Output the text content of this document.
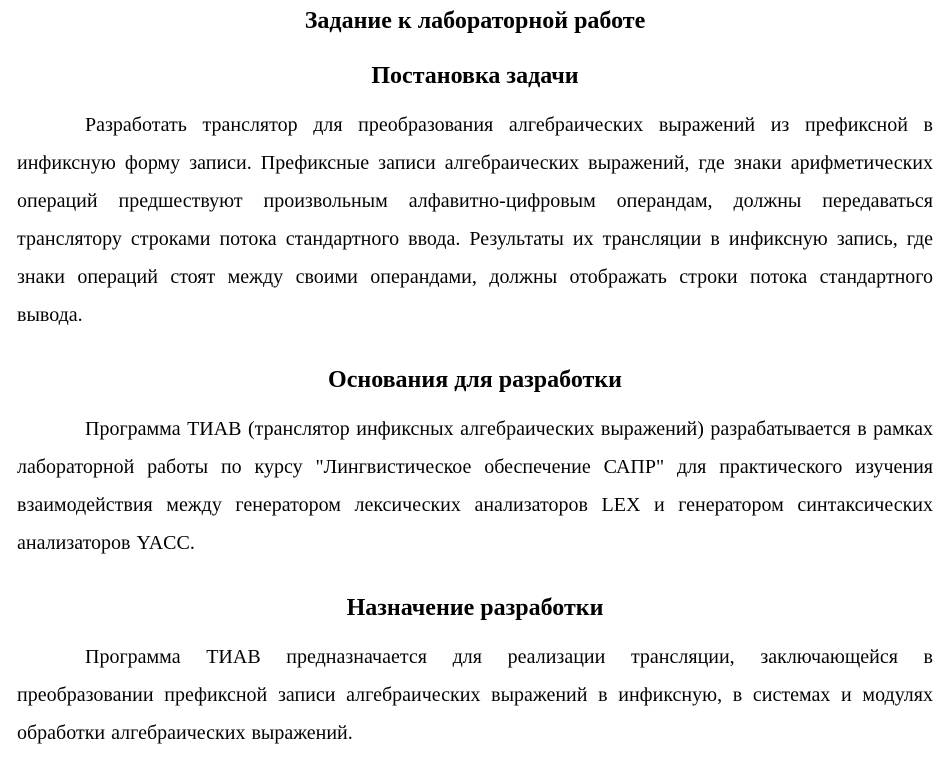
Задание к лабораторной работе
Постановка задачи

Разработать транслятор для преобразования алгебраических выражений из префиксной в инфиксную форму записи. Префиксные записи алгебраических выражений, где знаки арифметических операций предшествуют произвольным алфавитно-цифровым операндам, должны передаваться транслятору строками потока стандартного ввода. Результаты их трансляции в инфиксную запись, где знаки операций стоят между своими операндами, должны отображать строки потока стандартного вывода.

Основания для разработки

Программа ТИАВ (транслятор инфиксных алгебраических выражений) разрабатывается в рамках лабораторной работы по курсу "Лингвистическое обеспечение САПР" для практического изучения взаимодействия между генератором лексических анализаторов LEX и генератором синтаксических анализаторов YACC.

Назначение разработки

Программа ТИАВ предназначается для реализации трансляции, заключающейся в преобразовании префиксной записи алгебраических выражений в инфиксную, в системах и модулях обработки алгебраических выражений.
